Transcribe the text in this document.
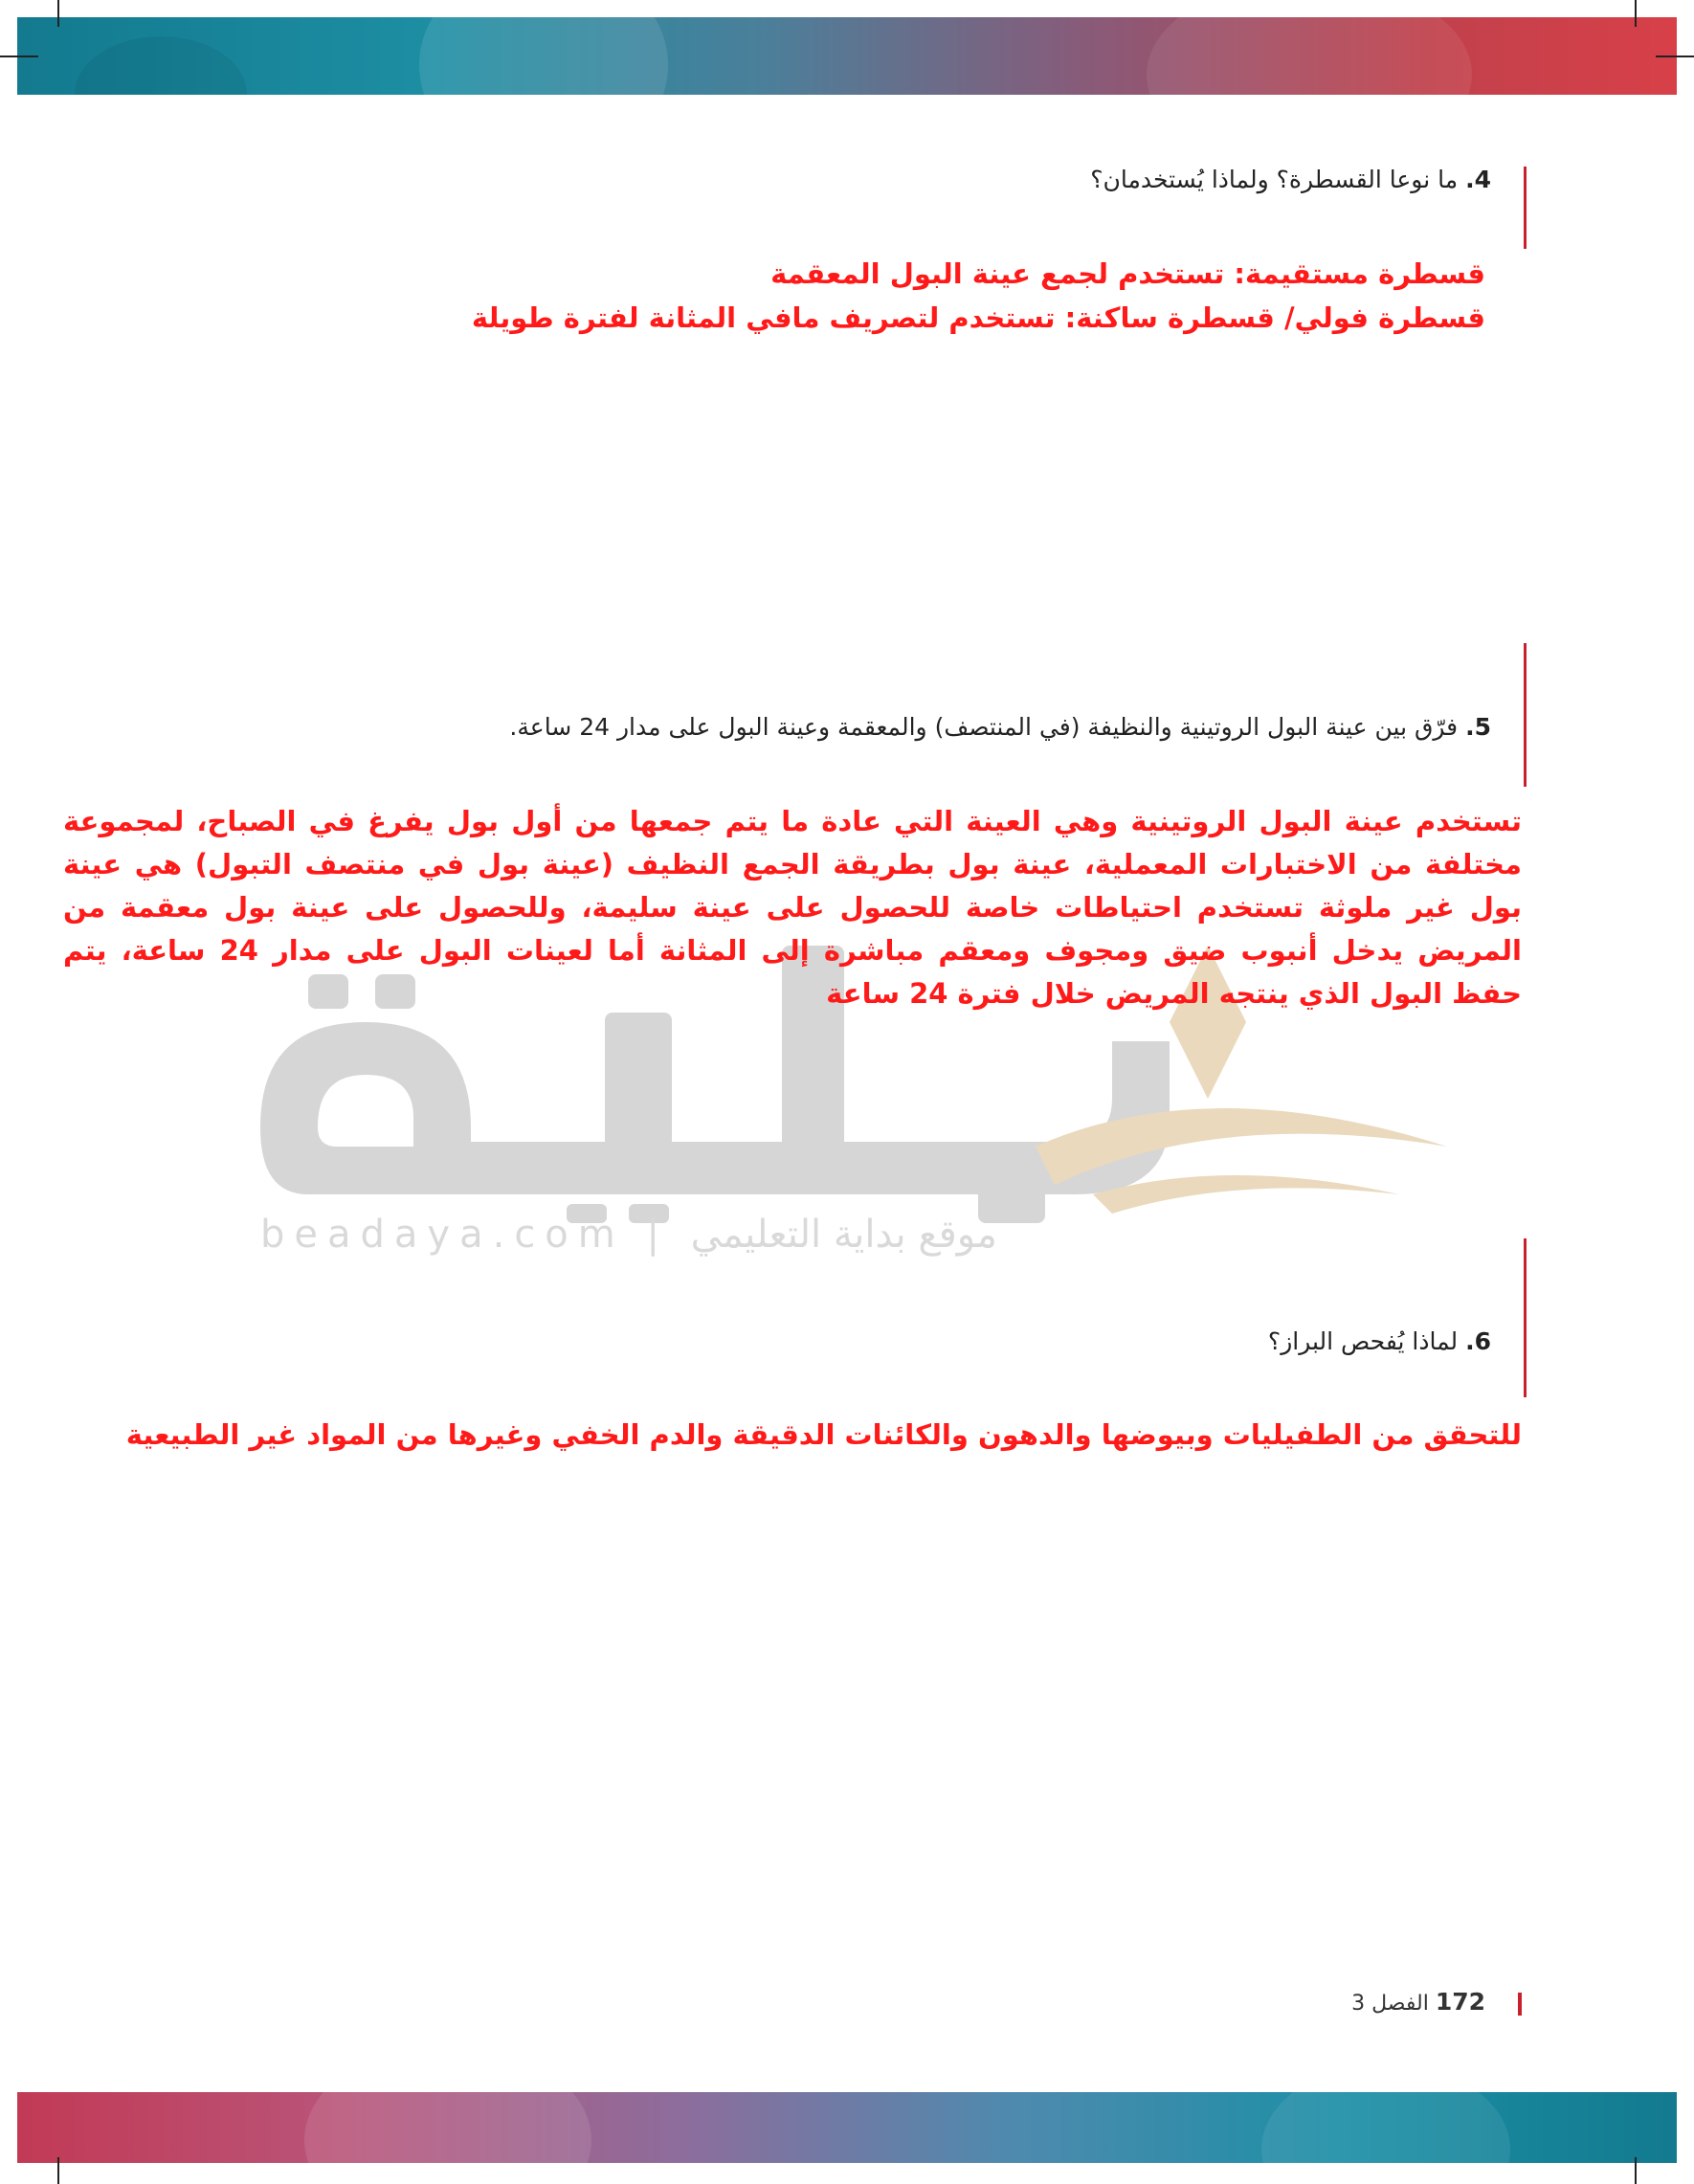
beadaya.com | موقع بداية التعليمي
4. ما نوعا القسطرة؟ ولماذا يُستخدمان؟
قسطرة مستقيمة: تستخدم لجمع عينة البول المعقمة
قسطرة فولي/ قسطرة ساكنة: تستخدم لتصريف مافي المثانة لفترة طويلة
5. فرّق بين عينة البول الروتينية والنظيفة (في المنتصف) والمعقمة وعينة البول على مدار 24 ساعة.
تستخدم عينة البول الروتينية وهي العينة التي عادة ما يتم جمعها من أول بول يفرغ في الصباح، لمجموعة مختلفة من الاختبارات المعملية، عينة بول بطريقة الجمع النظيف (عينة بول في منتصف التبول) هي عينة بول غير ملوثة تستخدم احتياطات خاصة للحصول على عينة سليمة، وللحصول على عينة بول معقمة من المريض يدخل أنبوب ضيق ومجوف ومعقم مباشرة إلى المثانة أما لعينات البول على مدار 24 ساعة، يتم حفظ البول الذي ينتجه المريض خلال فترة 24 ساعة
6. لماذا يُفحص البراز؟
للتحقق من الطفيليات وبيوضها والدهون والكائنات الدقيقة والدم الخفي وغيرها من المواد غير الطبيعية
172 الفصل 3
